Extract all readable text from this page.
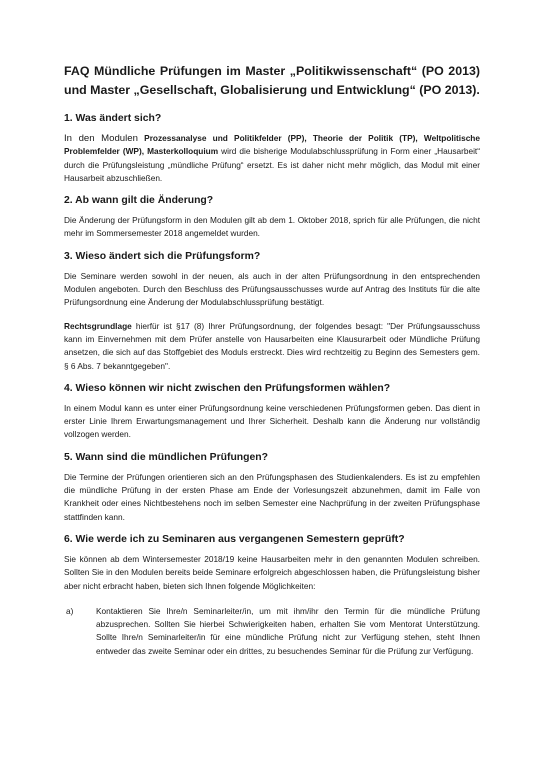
FAQ Mündliche Prüfungen im Master „Politikwissenschaft“ (PO 2013) und Master „Gesellschaft, Globalisierung und Entwicklung“ (PO 2013).
1. Was ändert sich?

In den Modulen Prozessanalyse und Politikfelder (PP), Theorie der Politik (TP), Weltpolitische Problemfelder (WP), Masterkolloquium wird die bisherige Modulabschlussprüfung in Form einer „Hausarbeit“ durch die Prüfungsleistung „mündliche Prüfung“ ersetzt. Es ist daher nicht mehr möglich, das Modul mit einer Hausarbeit abzuschließen.

2. Ab wann gilt die Änderung?

Die Änderung der Prüfungsform in den Modulen gilt ab dem 1. Oktober 2018, sprich für alle Prüfungen, die nicht mehr im Sommersemester 2018 angemeldet wurden.

3. Wieso ändert sich die Prüfungsform?

Die Seminare werden sowohl in der neuen, als auch in der alten Prüfungsordnung in den entsprechenden Modulen angeboten. Durch den Beschluss des Prüfungsausschusses wurde auf Antrag des Instituts für die alte Prüfungsordnung eine Änderung der Modulabschlussprüfung bestätigt.

Rechtsgrundlage hierfür ist §17 (8) Ihrer Prüfungsordnung, der folgendes besagt: "Der Prüfungsausschuss kann im Einvernehmen mit dem Prüfer anstelle von Hausarbeiten eine Klausurarbeit oder Mündliche Prüfung ansetzen, die sich auf das Stoffgebiet des Moduls erstreckt. Dies wird rechtzeitig zu Beginn des Semesters gem. § 6 Abs. 7 bekanntgegeben".

4. Wieso können wir nicht zwischen den Prüfungsformen wählen?

In einem Modul kann es unter einer Prüfungsordnung keine verschiedenen Prüfungsformen geben. Das dient in erster Linie Ihrem Erwartungsmanagement und Ihrer Sicherheit. Deshalb kann die Änderung nur vollständig vollzogen werden.

5. Wann sind die mündlichen Prüfungen?

Die Termine der Prüfungen orientieren sich an den Prüfungsphasen des Studienkalenders. Es ist zu empfehlen die mündliche Prüfung in der ersten Phase am Ende der Vorlesungszeit abzunehmen, damit im Falle von Krankheit oder eines Nichtbestehens noch im selben Semester eine Nachprüfung in der zweiten Prüfungsphase stattfinden kann.

6. Wie werde ich zu Seminaren aus vergangenen Semestern geprüft?

Sie können ab dem Wintersemester 2018/19 keine Hausarbeiten mehr in den genannten Modulen schreiben. Sollten Sie in den Modulen bereits beide Seminare erfolgreich abgeschlossen haben, die Prüfungsleistung bisher aber nicht erbracht haben, bieten sich Ihnen folgende Möglichkeiten:

a)	Kontaktieren Sie Ihre/n Seminarleiter/in, um mit ihm/ihr den Termin für die mündliche Prüfung abzusprechen. Sollten Sie hierbei Schwierigkeiten haben, erhalten Sie vom Mentorat Unterstützung. Sollte Ihre/n Seminarleiter/in für eine mündliche Prüfung nicht zur Verfügung stehen, steht Ihnen entweder das zweite Seminar oder ein drittes, zu besuchendes Seminar für die Prüfung zur Verfügung.
